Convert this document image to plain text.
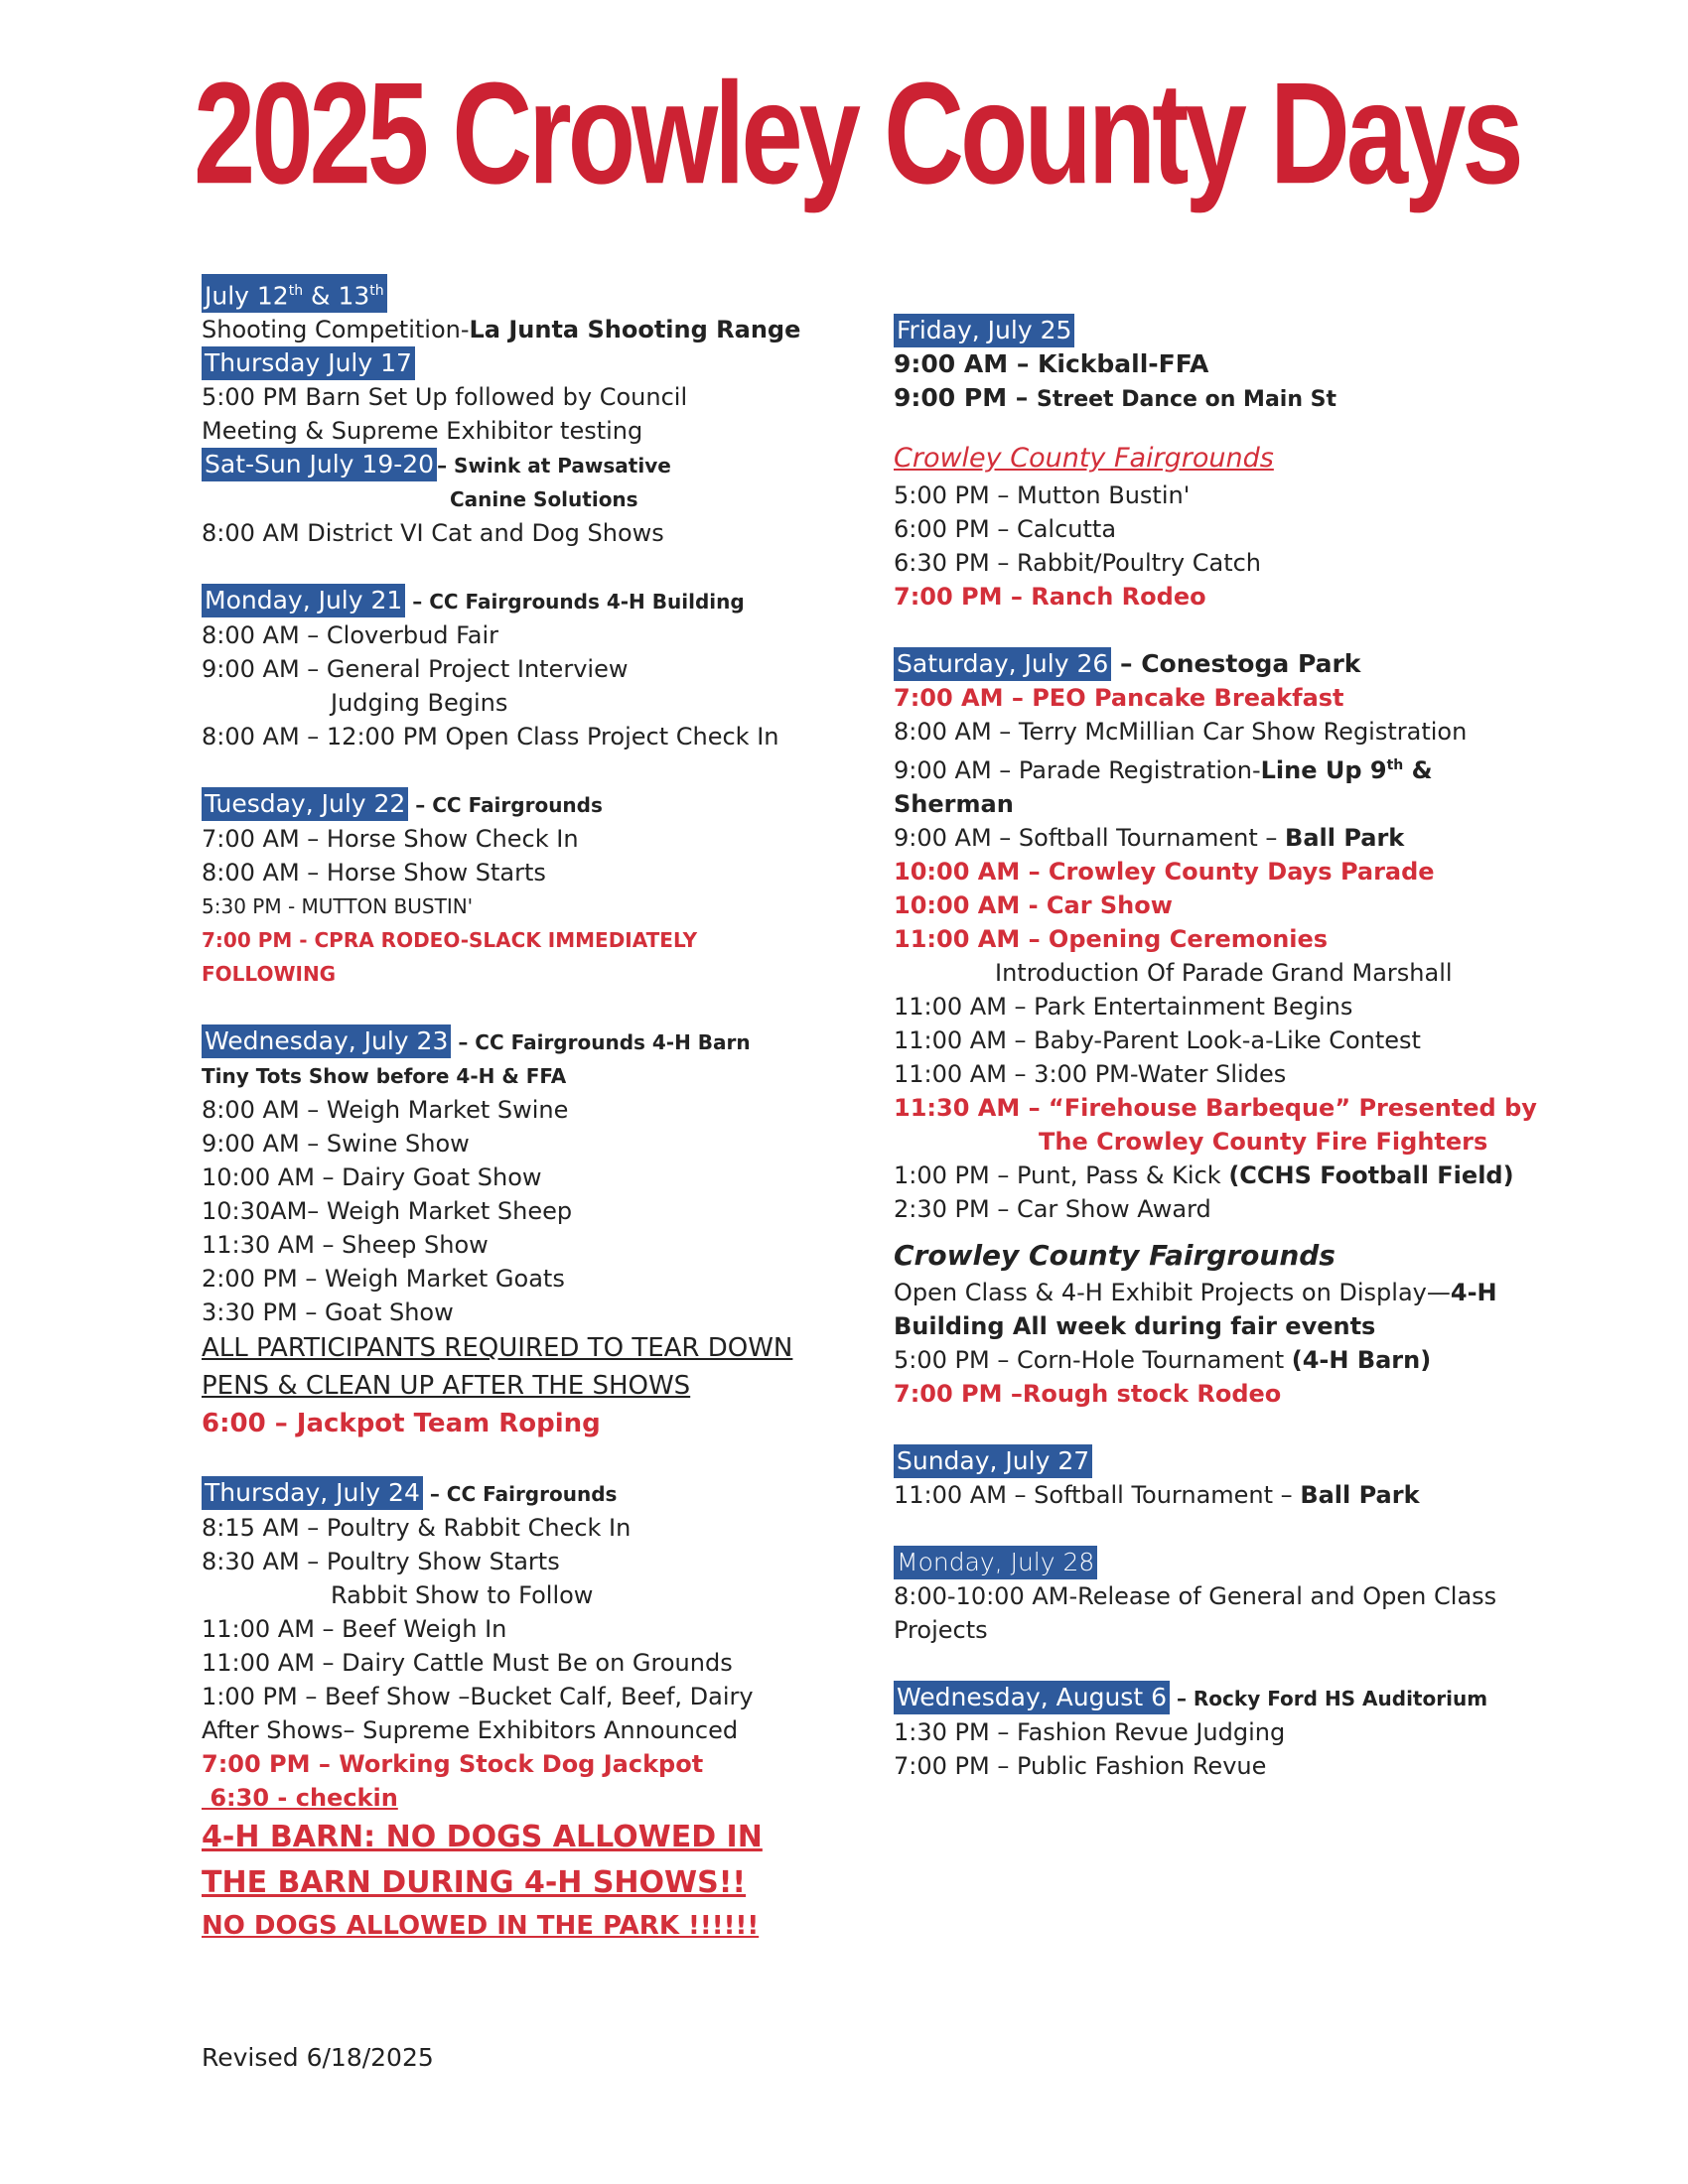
2025 Crowley County Days
July 12th & 13th
Shooting Competition-La Junta Shooting Range
Thursday July 17
5:00 PM Barn Set Up followed by Council
Meeting & Supreme Exhibitor testing
Sat-Sun July 19-20 – Swink at Pawsative
Canine Solutions
8:00 AM District VI Cat and Dog Shows
Monday, July 21 – CC Fairgrounds 4-H Building
8:00 AM – Cloverbud Fair
9:00 AM – General Project Interview
Judging Begins
8:00 AM – 12:00 PM Open Class Project Check In
Tuesday, July 22 – CC Fairgrounds
7:00 AM – Horse Show Check In
8:00 AM – Horse Show Starts
5:30 PM - MUTTON BUSTIN'
7:00 PM - CPRA RODEO-SLACK IMMEDIATELY
FOLLOWING
Wednesday, July 23 – CC Fairgrounds 4-H Barn
Tiny Tots Show before 4-H & FFA
8:00 AM – Weigh Market Swine
9:00 AM – Swine Show
10:00 AM – Dairy Goat Show
10:30AM– Weigh Market Sheep
11:30 AM – Sheep Show
2:00 PM – Weigh Market Goats
3:30 PM – Goat Show
ALL PARTICIPANTS REQUIRED TO TEAR DOWN
PENS & CLEAN UP AFTER THE SHOWS
6:00 – Jackpot Team Roping
Thursday, July 24 – CC Fairgrounds
8:15 AM – Poultry & Rabbit Check In
8:30 AM – Poultry Show Starts
Rabbit Show to Follow
11:00 AM – Beef Weigh In
11:00 AM – Dairy Cattle Must Be on Grounds
1:00 PM – Beef Show –Bucket Calf, Beef, Dairy
After Shows– Supreme Exhibitors Announced
7:00 PM – Working Stock Dog Jackpot
6:30 - checkin
4-H BARN: NO DOGS ALLOWED IN
THE BARN DURING 4-H SHOWS!!
NO DOGS ALLOWED IN THE PARK !!!!!!
Friday, July 25
9:00 AM – Kickball-FFA
9:00 PM – Street Dance on Main St
Crowley County Fairgrounds
5:00 PM – Mutton Bustin'
6:00 PM – Calcutta
6:30 PM – Rabbit/Poultry Catch
7:00 PM – Ranch Rodeo
Saturday, July 26 – Conestoga Park
7:00 AM – PEO Pancake Breakfast
8:00 AM – Terry McMillian Car Show Registration
9:00 AM – Parade Registration-Line Up 9th &
Sherman
9:00 AM – Softball Tournament – Ball Park
10:00 AM – Crowley County Days Parade
10:00 AM - Car Show
11:00 AM – Opening Ceremonies
Introduction Of Parade Grand Marshall
11:00 AM – Park Entertainment Begins
11:00 AM – Baby-Parent Look-a-Like Contest
11:00 AM – 3:00 PM-Water Slides
11:30 AM – “Firehouse Barbeque” Presented by
The Crowley County Fire Fighters
1:00 PM – Punt, Pass & Kick (CCHS Football Field)
2:30 PM – Car Show Award
Crowley County Fairgrounds
Open Class & 4-H Exhibit Projects on Display—4-H
Building All week during fair events
5:00 PM – Corn-Hole Tournament (4-H Barn)
7:00 PM –Rough stock Rodeo
Sunday, July 27
11:00 AM – Softball Tournament – Ball Park
Monday, July 28
8:00-10:00 AM-Release of General and Open Class
Projects
Wednesday, August 6 – Rocky Ford HS Auditorium
1:30 PM – Fashion Revue Judging
7:00 PM – Public Fashion Revue
Revised 6/18/2025
